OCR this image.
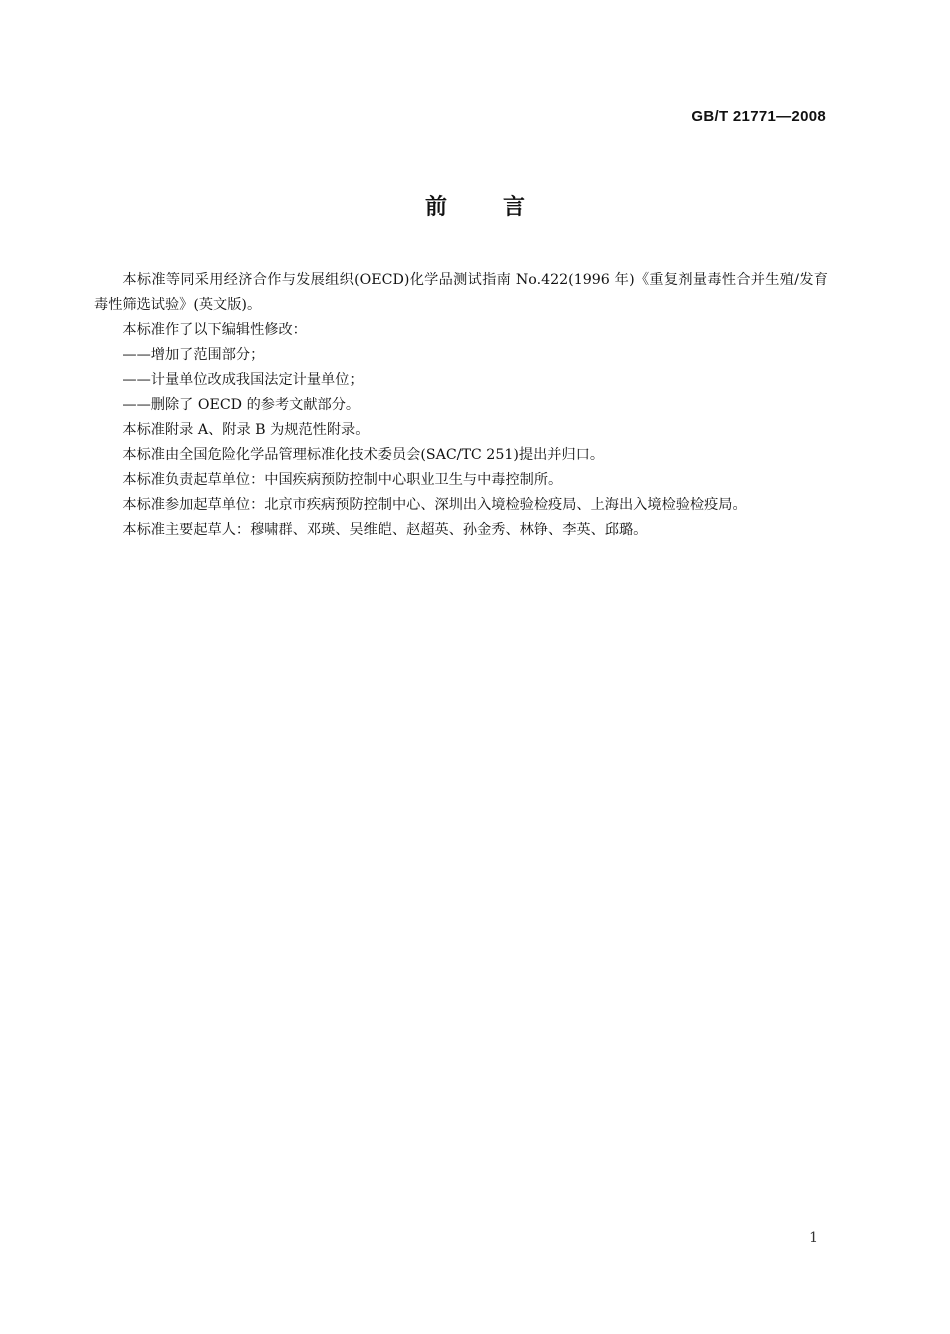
GB/T 21771—2008
前言

本标准等同采用经济合作与发展组织(OECD)化学品测试指南 No.422(1996 年)《重复剂量毒性合并生殖/发育毒性筛选试验》(英文版)。

本标准作了以下编辑性修改：

——增加了范围部分；

——计量单位改成我国法定计量单位；

——删除了 OECD 的参考文献部分。

本标准附录 A、附录 B 为规范性附录。

本标准由全国危险化学品管理标准化技术委员会(SAC/TC 251)提出并归口。

本标准负责起草单位：中国疾病预防控制中心职业卫生与中毒控制所。

本标准参加起草单位：北京市疾病预防控制中心、深圳出入境检验检疫局、上海出入境检验检疫局。

本标准主要起草人：穆啸群、邓瑛、吴维皑、赵超英、孙金秀、林铮、李英、邱璐。

1
